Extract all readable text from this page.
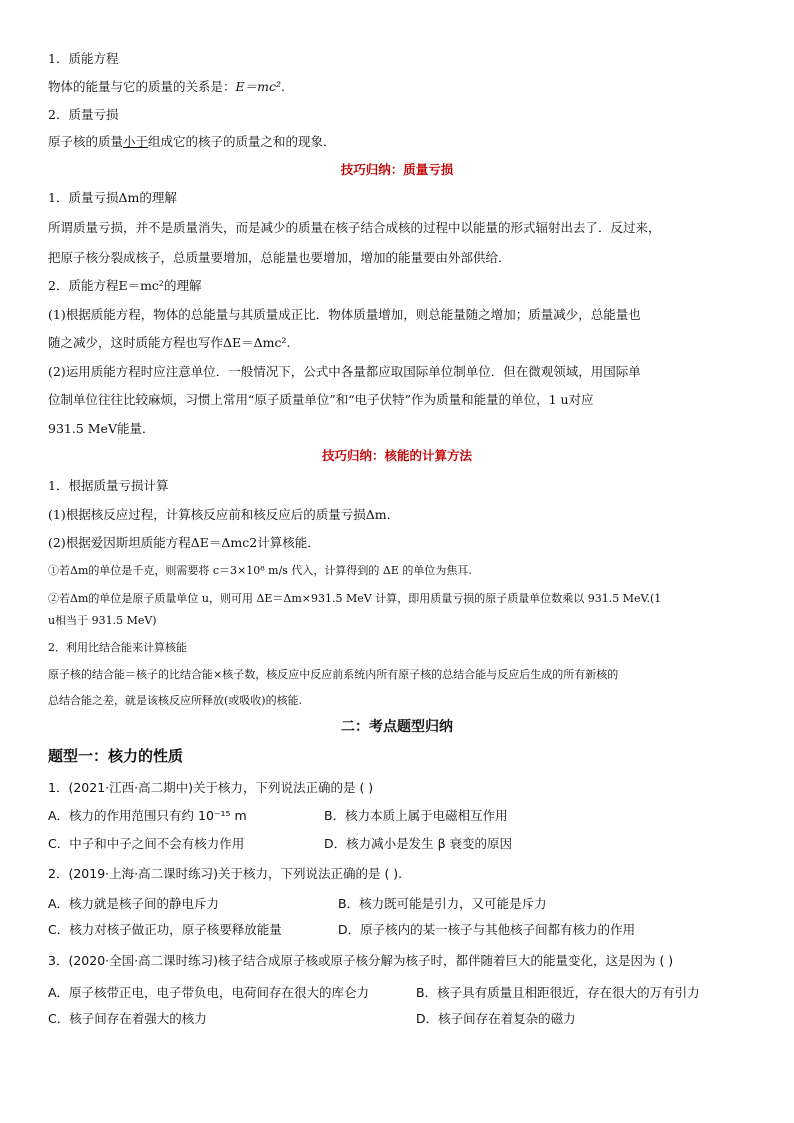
1．质能方程
物体的能量与它的质量的关系是：E＝mc².
2．质量亏损
原子核的质量小于组成它的核子的质量之和的现象．
技巧归纳：质量亏损
1．质量亏损Δm的理解
所谓质量亏损，并不是质量消失，而是减少的质量在核子结合成核的过程中以能量的形式辐射出去了．反过来，
把原子核分裂成核子，总质量要增加，总能量也要增加，增加的能量要由外部供给．
2．质能方程E＝mc²的理解
(1)根据质能方程，物体的总能量与其质量成正比．物体质量增加，则总能量随之增加；质量减少，总能量也
随之减少，这时质能方程也写作ΔE＝Δmc².
(2)运用质能方程时应注意单位．一般情况下，公式中各量都应取国际单位制单位．但在微观领域，用国际单
位制单位往往比较麻烦，习惯上常用“原子质量单位”和“电子伏特”作为质量和能量的单位，1 u对应
931.5 MeV能量．
技巧归纳：核能的计算方法
1．根据质量亏损计算
(1)根据核反应过程，计算核反应前和核反应后的质量亏损Δm.
(2)根据爱因斯坦质能方程ΔE＝Δmc2计算核能．
①若Δm的单位是千克，则需要将 c＝3×10⁸ m/s 代入，计算得到的 ΔE 的单位为焦耳.
②若Δm的单位是原子质量单位 u，则可用 ΔE＝Δm×931.5 MeV 计算，即用质量亏损的原子质量单位数乘以 931.5 MeV.(1
u相当于 931.5 MeV)
2．利用比结合能来计算核能
原子核的结合能＝核子的比结合能×核子数，核反应中反应前系统内所有原子核的总结合能与反应后生成的所有新核的
总结合能之差，就是该核反应所释放(或吸收)的核能.
二：考点题型归纳
题型一：核力的性质
1．(2021·江西·高二期中)关于核力，下列说法正确的是 ( )
A．核力的作用范围只有约 10⁻¹⁵ m	B．核力本质上属于电磁相互作用
C．中子和中子之间不会有核力作用	D．核力减小是发生 β 衰变的原因
2．(2019·上海·高二课时练习)关于核力，下列说法正确的是 ( ).
A．核力就是核子间的静电斥力	B．核力既可能是引力，又可能是斥力
C．核力对核子做正功，原子核要释放能量	D．原子核内的某一核子与其他核子间都有核力的作用
3．(2020·全国·高二课时练习)核子结合成原子核或原子核分解为核子时，都伴随着巨大的能量变化，这是因为 ( )
A．原子核带正电，电子带负电，电荷间存在很大的库仑力	B．核子具有质量且相距很近，存在很大的万有引力
C．核子间存在着强大的核力	D．核子间存在着复杂的磁力
